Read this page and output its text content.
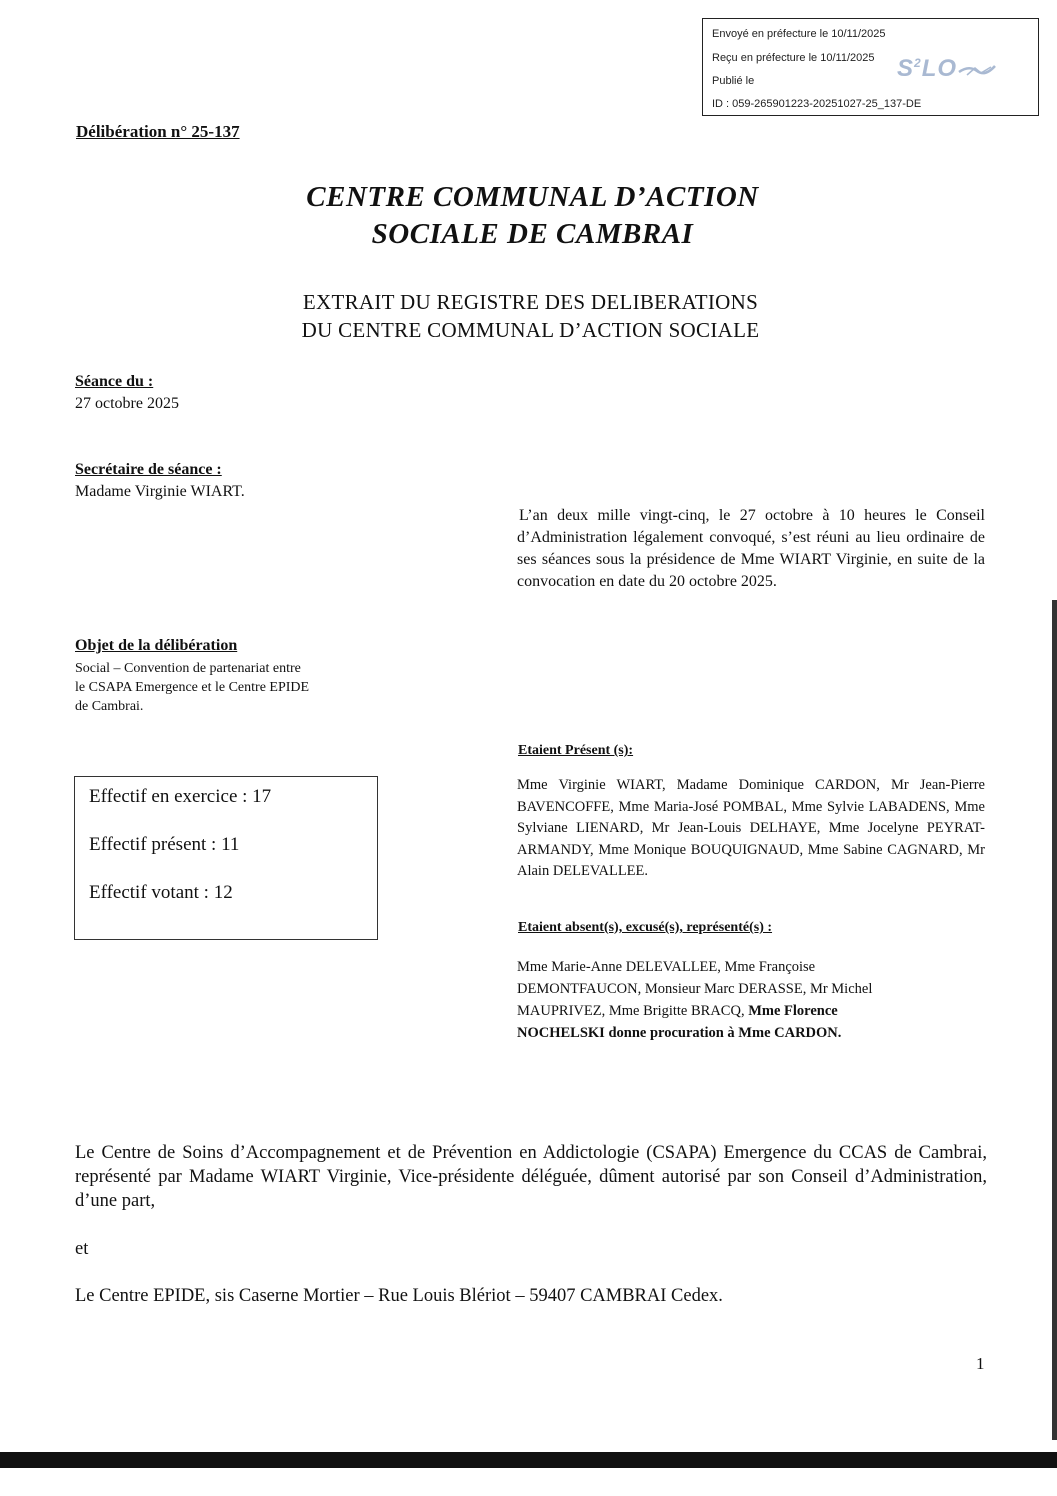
Envoyé en préfecture le 10/11/2025
Reçu en préfecture le 10/11/2025
Publié le
ID : 059-265901223-20251027-25_137-DE
$S^2LO$
Délibération n° 25-137
CENTRE COMMUNAL D’ACTION
SOCIALE DE CAMBRAI
EXTRAIT DU REGISTRE DES DELIBERATIONS
DU CENTRE COMMUNAL D’ACTION SOCIALE
Séance du :
27 octobre 2025
Secrétaire de séance :
Madame Virginie WIART.
L’an deux mille vingt-cinq, le 27 octobre à 10 heures le Conseil d’Administration légalement convoqué, s’est réuni au lieu ordinaire de ses séances sous la présidence de Mme WIART Virginie, en suite de la convocation en date du 20 octobre 2025.
Objet de la délibération
Social – Convention de partenariat entre
le CSAPA Emergence et le Centre EPIDE
de Cambrai.
Effectif en exercice : 17
Effectif présent : 11
Effectif votant : 12
Etaient Présent (s):
Mme Virginie WIART, Madame Dominique CARDON, Mr Jean-Pierre BAVENCOFFE, Mme Maria-José POMBAL, Mme Sylvie LABADENS, Mme Sylviane LIENARD, Mr Jean-Louis DELHAYE, Mme Jocelyne PEYRAT-ARMANDY, Mme Monique BOUQUIGNAUD, Mme Sabine CAGNARD, Mr Alain DELEVALLEE.
Etaient absent(s), excusé(s), représenté(s) :
Mme Marie-Anne DELEVALLEE, Mme Françoise
DEMONTFAUCON, Monsieur Marc DERASSE, Mr Michel
MAUPRIVEZ, Mme Brigitte BRACQ, Mme Florence
NOCHELSKI donne procuration à Mme CARDON.
Le Centre de Soins d’Accompagnement et de Prévention en Addictologie (CSAPA) Emergence du CCAS de Cambrai, représenté par Madame WIART Virginie, Vice-présidente déléguée, dûment autorisé par son Conseil d’Administration, d’une part,
et
Le Centre EPIDE, sis Caserne Mortier – Rue Louis Blériot – 59407 CAMBRAI Cedex.
1
